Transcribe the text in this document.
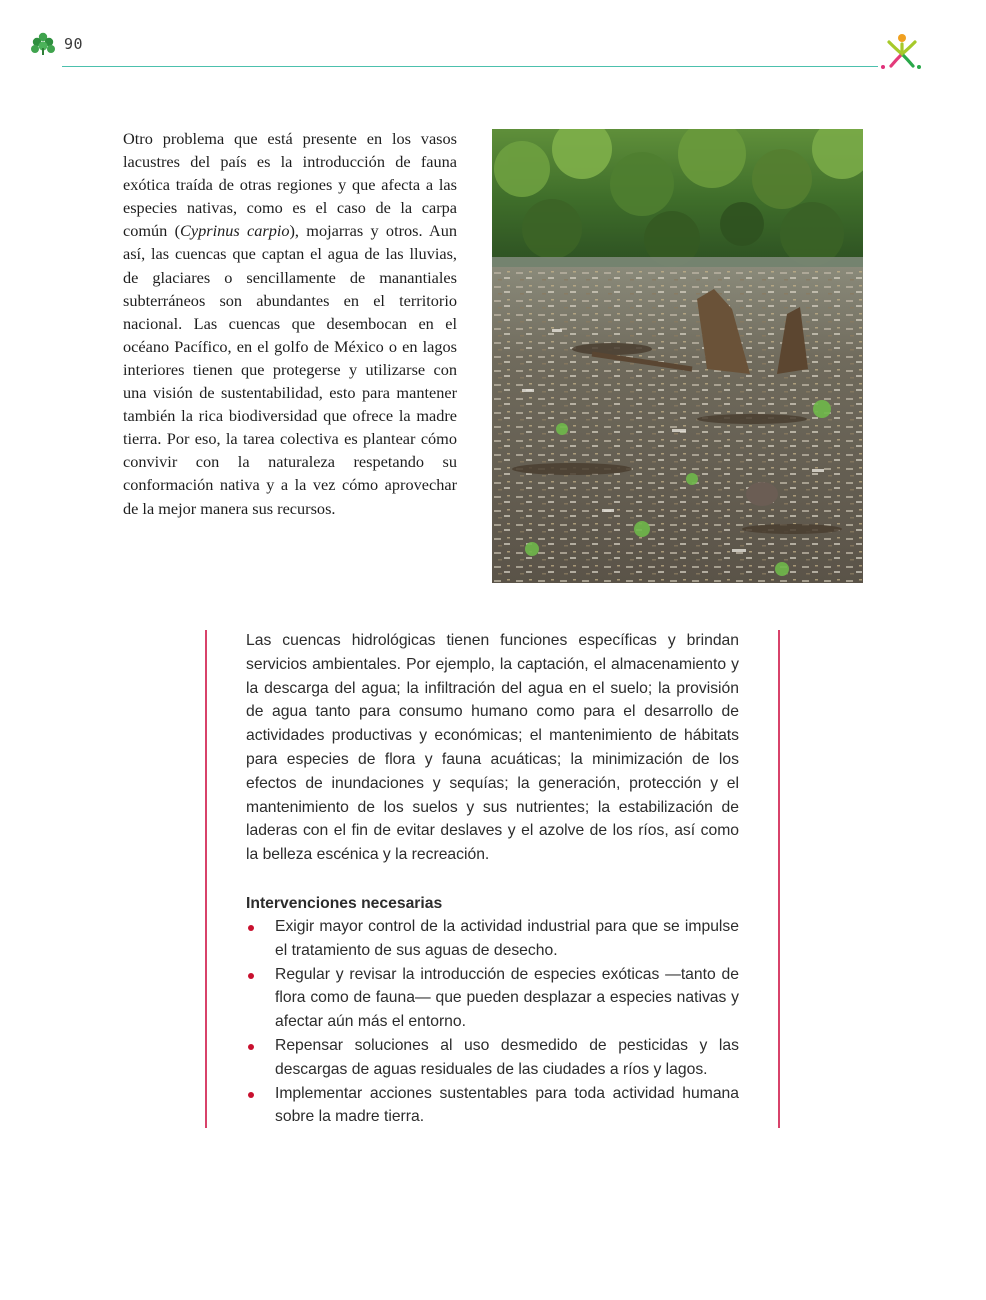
90

Otro problema que está presente en los vasos lacustres del país es la introducción de fauna exótica traída de otras regiones y que afecta a las especies nativas, como es el caso de la carpa común (Cyprinus carpio), mojarras y otros. Aun así, las cuencas que captan el agua de las lluvias, de glaciares o sencillamente de manantiales subterráneos son abundantes en el territorio nacional. Las cuencas que desembocan en el océano Pacífico, en el golfo de México o en lagos interiores tienen que protegerse y utilizarse con una visión de sustentabilidad, esto para mantener también la rica biodiversidad que ofrece la madre tierra. Por eso, la tarea colectiva es plantear cómo convivir con la naturaleza respetando su conformación nativa y a la vez cómo aprovechar de la mejor manera sus recursos.

Las cuencas hidrológicas tienen funciones específicas y brindan servicios ambientales. Por ejemplo, la captación, el almacenamiento y la descarga del agua; la infiltración del agua en el suelo; la provisión de agua tanto para consumo humano como para el desarrollo de actividades productivas y económicas; el mantenimiento de hábitats para especies de flora y fauna acuáticas; la minimización de los efectos de inundaciones y sequías; la generación, protección y el mantenimiento de los suelos y sus nutrientes; la estabilización de laderas con el fin de evitar deslaves y el azolve de los ríos, así como la belleza escénica y la recreación.

Intervenciones necesarias
Exigir mayor control de la actividad industrial para que se impulse el tratamiento de sus aguas de desecho.
Regular y revisar la introducción de especies exóticas —tanto de flora como de fauna— que pueden desplazar a especies nativas y afectar aún más el entorno.
Repensar soluciones al uso desmedido de pesticidas y las descargas de aguas residuales de las ciudades a ríos y lagos.
Implementar acciones sustentables para toda actividad humana sobre la madre tierra.
